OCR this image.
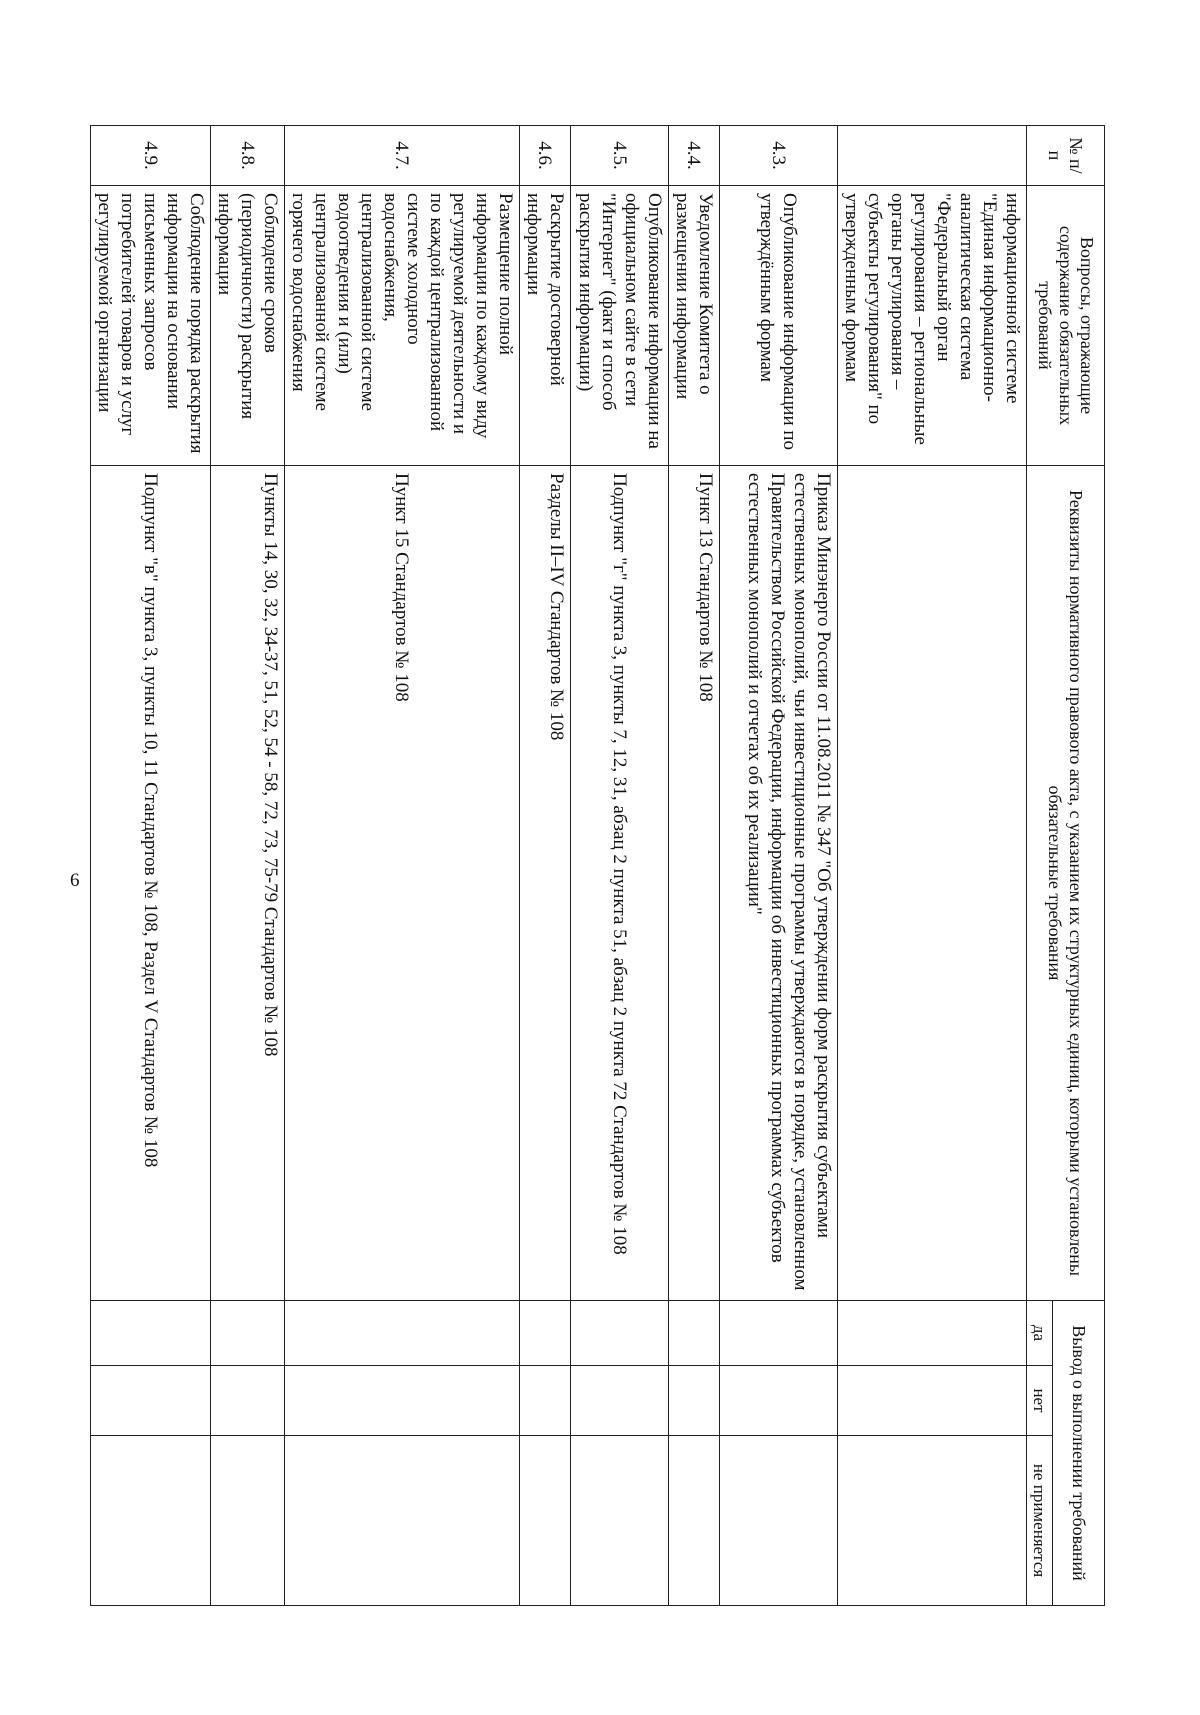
6
№ п/п	Вопросы, отражающие содержание обязательных требований	Реквизиты нормативного правового акта, с указанием их структурных единиц, которыми установлены обязательные требования	Вывод о выполнении требований		
			да	нет	не применяется
	информационной системе "Единая информационно-аналитическая система "Федеральный орган регулирования – региональные органы регулирования – субъекты регулирования" по утвержденным формам				
4.3.	Опубликование информации по утверждённым формам	Приказ Минэнерго России от 11.08.2011 № 347 "Об утверждении форм раскрытия субъектами естественных монополий, чьи инвестиционные программы утверждаются в порядке, установленном Правительством Российской Федерации, информации об инвестиционных программах субъектов естественных монополий и отчетах об их реализации"			
4.4.	Уведомление Комитета о размещении информации	Пункт 13 Стандартов № 108			
4.5.	Опубликование информации на официальном сайте в сети "Интернет" (факт и способ раскрытия информации)	Подпункт "г" пункта 3, пункты 7, 12, 31, абзац 2 пункта 51, абзац 2 пункта 72 Стандартов № 108			
4.6.	Раскрытие достоверной информации	Разделы II–IV Стандартов № 108			
4.7.	Размещение полной информации по каждому виду регулируемой деятельности и по каждой централизованной системе холодного водоснабжения, централизованной системе водоотведения и (или) централизованной системе горячего водоснабжения	Пункт 15 Стандартов № 108			
4.8.	Соблюдение сроков (периодичности) раскрытия информации	Пункты 14, 30, 32, 34-37, 51, 52, 54 - 58, 72, 73, 75-79 Стандартов № 108			
4.9.	Соблюдение порядка раскрытия информации на основании письменных запросов потребителей товаров и услуг регулируемой организации	Подпункт "в" пункта 3, пункты 10, 11 Стандартов № 108, Раздел V Стандартов № 108			
